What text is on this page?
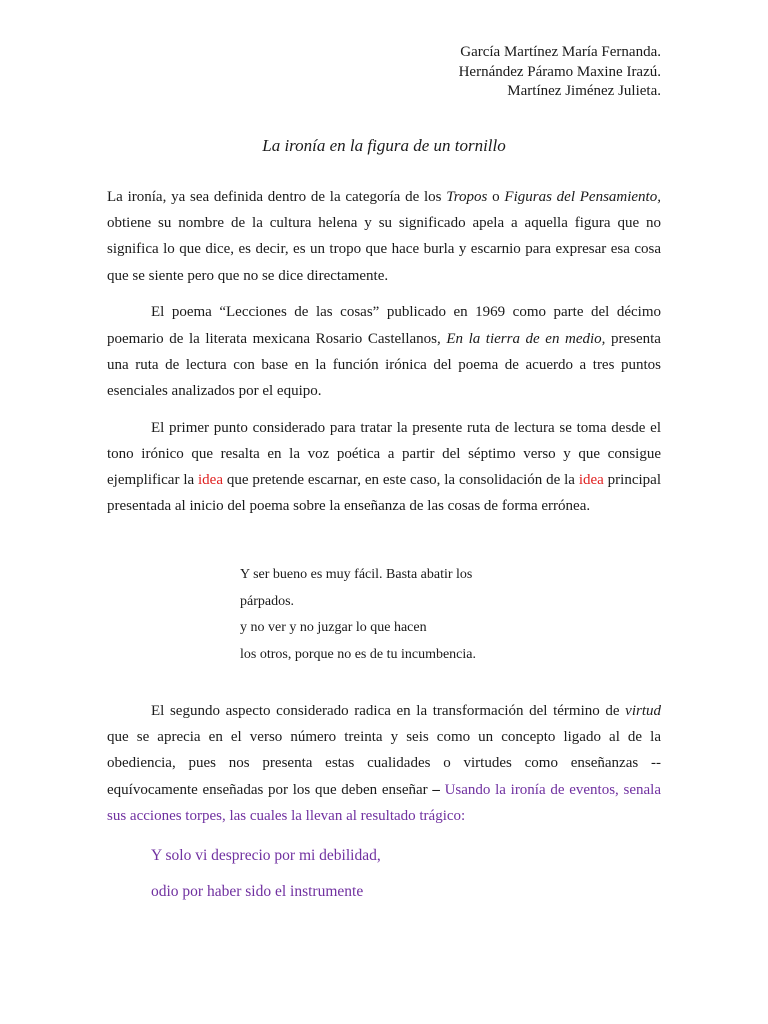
García Martínez María Fernanda.
Hernández Páramo Maxine Irazú.
Martínez Jiménez Julieta.
La ironía en la figura de un tornillo

La ironía, ya sea definida dentro de la categoría de los Tropos o Figuras del Pensamiento, obtiene su nombre de la cultura helena y su significado apela a aquella figura que no significa lo que dice, es decir, es un tropo que hace burla y escarnio para expresar esa cosa que se siente pero que no se dice directamente.

El poema “Lecciones de las cosas” publicado en 1969 como parte del décimo poemario de la literata mexicana Rosario Castellanos, En la tierra de en medio, presenta una ruta de lectura con base en la función irónica del poema de acuerdo a tres puntos esenciales analizados por el equipo.

El primer punto considerado para tratar la presente ruta de lectura se toma desde el tono irónico que resalta en la voz poética a partir del séptimo verso y que consigue ejemplificar la idea que pretende escarnar, en este caso, la consolidación de la idea principal presentada al inicio del poema sobre la enseñanza de las cosas de forma errónea.

Y ser bueno es muy fácil. Basta abatir los
párpados.
y no ver y no juzgar lo que hacen
los otros, porque no es de tu incumbencia.

El segundo aspecto considerado radica en la transformación del término de virtud que se aprecia en el verso número treinta y seis como un concepto ligado al de la obediencia, pues nos presenta estas cualidades o virtudes como enseñanzas -- equívocamente enseñadas por los que deben enseñar – Usando la ironía de eventos, senala sus acciones torpes, las cuales la llevan al resultado trágico:

Y solo vi desprecio por mi debilidad,
odio por haber sido el instrumente
